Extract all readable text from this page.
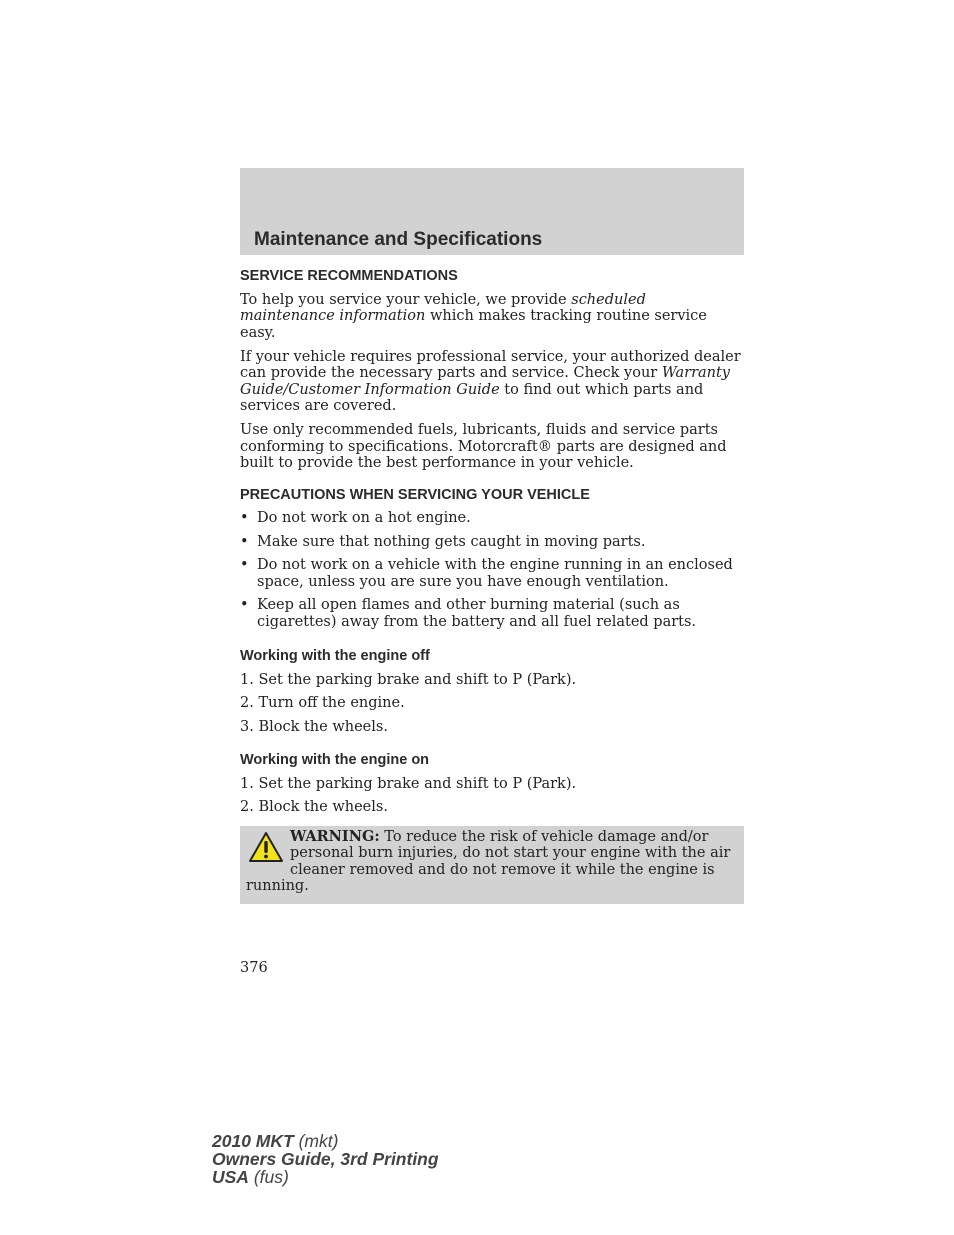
Maintenance and Specifications
SERVICE RECOMMENDATIONS

To help you service your vehicle, we provide scheduled maintenance information which makes tracking routine service easy.

If your vehicle requires professional service, your authorized dealer can provide the necessary parts and service. Check your Warranty Guide/Customer Information Guide to find out which parts and services are covered.

Use only recommended fuels, lubricants, fluids and service parts conforming to specifications. Motorcraft® parts are designed and built to provide the best performance in your vehicle.

PRECAUTIONS WHEN SERVICING YOUR VEHICLE
• Do not work on a hot engine.
• Make sure that nothing gets caught in moving parts.
• Do not work on a vehicle with the engine running in an enclosed space, unless you are sure you have enough ventilation.
• Keep all open flames and other burning material (such as cigarettes) away from the battery and all fuel related parts.
Working with the engine off
1. Set the parking brake and shift to P (Park).
2. Turn off the engine.
3. Block the wheels.
Working with the engine on
1. Set the parking brake and shift to P (Park).
2. Block the wheels.
WARNING: To reduce the risk of vehicle damage and/or personal burn injuries, do not start your engine with the air cleaner removed and do not remove it while the engine is running.
376
2010 MKT (mkt)
Owners Guide, 3rd Printing
USA (fus)
